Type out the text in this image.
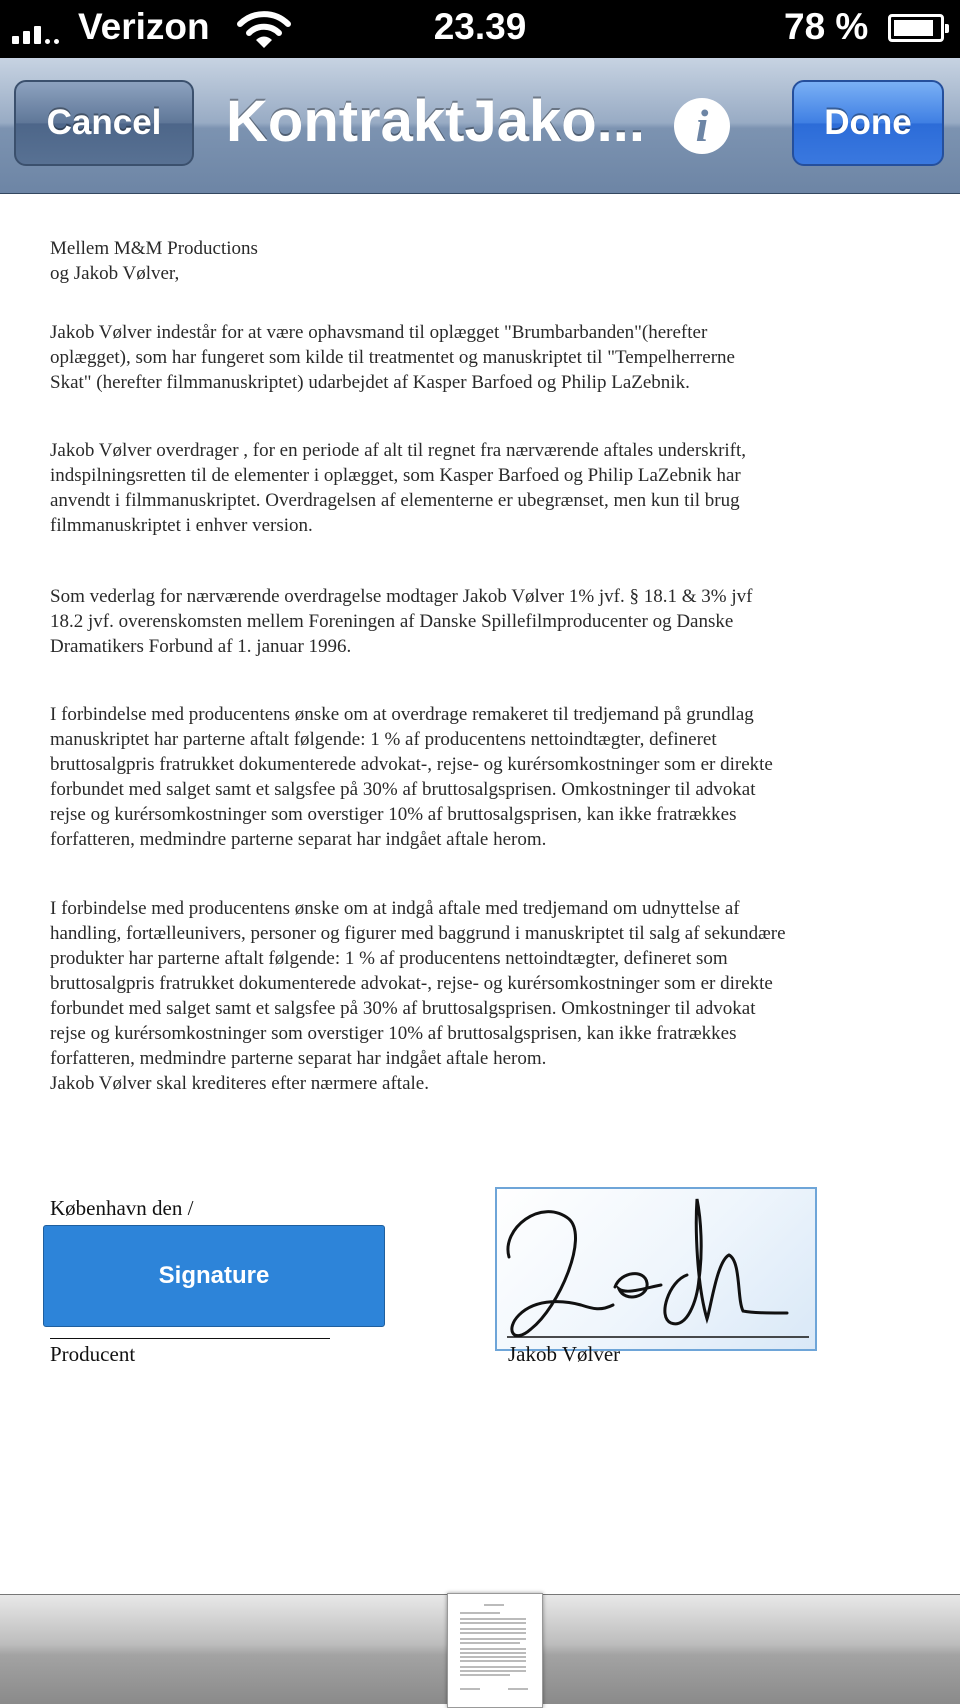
Verizon	23.39	78 %
Cancel	KontraktJako...	i	Done

Mellem M&M Productions
og Jakob Vølver,

Jakob Vølver indestår for at være ophavsmand til oplægget "Brumbarbanden"(herefter
oplægget), som har fungeret som kilde til treatmentet og manuskriptet til "Tempelherrerne
Skat" (herefter filmmanuskriptet) udarbejdet af Kasper Barfoed og Philip LaZebnik.

Jakob Vølver overdrager , for en periode af alt til regnet fra nærværende aftales underskrift,
indspilningsretten til de elementer i oplægget, som Kasper Barfoed og Philip LaZebnik har
anvendt i filmmanuskriptet. Overdragelsen af elementerne er ubegrænset, men kun til brug
filmmanuskriptet i enhver version.

Som vederlag for nærværende overdragelse modtager Jakob Vølver 1% jvf. § 18.1 & 3% jvf
18.2 jvf. overenskomsten mellem Foreningen af Danske Spillefilmproducenter og Danske
Dramatikers Forbund af 1. januar 1996.

I forbindelse med producentens ønske om at overdrage remakeret til tredjemand på grundlag
manuskriptet har parterne aftalt følgende: 1 % af producentens nettoindtægter, defineret
bruttosalgpris fratrukket dokumenterede advokat-, rejse- og kurérsomkostninger som er direkte
forbundet med salget samt et salgsfee på 30% af bruttosalgsprisen. Omkostninger til advokat
rejse og kurérsomkostninger som overstiger 10% af bruttosalgsprisen, kan ikke fratrækkes
forfatteren, medmindre parterne separat har indgået aftale herom.

I forbindelse med producentens ønske om at indgå aftale med tredjemand om udnyttelse af
handling, fortælleunivers, personer og figurer med baggrund i manuskriptet til salg af sekundære
produkter har parterne aftalt følgende: 1 % af producentens nettoindtægter, defineret som
bruttosalgpris fratrukket dokumenterede advokat-, rejse- og kurérsomkostninger som er direkte
forbundet med salget samt et salgsfee på 30% af bruttosalgsprisen. Omkostninger til advokat
rejse og kurérsomkostninger som overstiger 10% af bruttosalgsprisen, kan ikke fratrækkes
forfatteren, medmindre parterne separat har indgået aftale herom.
Jakob Vølver skal krediteres efter nærmere aftale.

København den /
Signature
Producent	Jakob Vølver
